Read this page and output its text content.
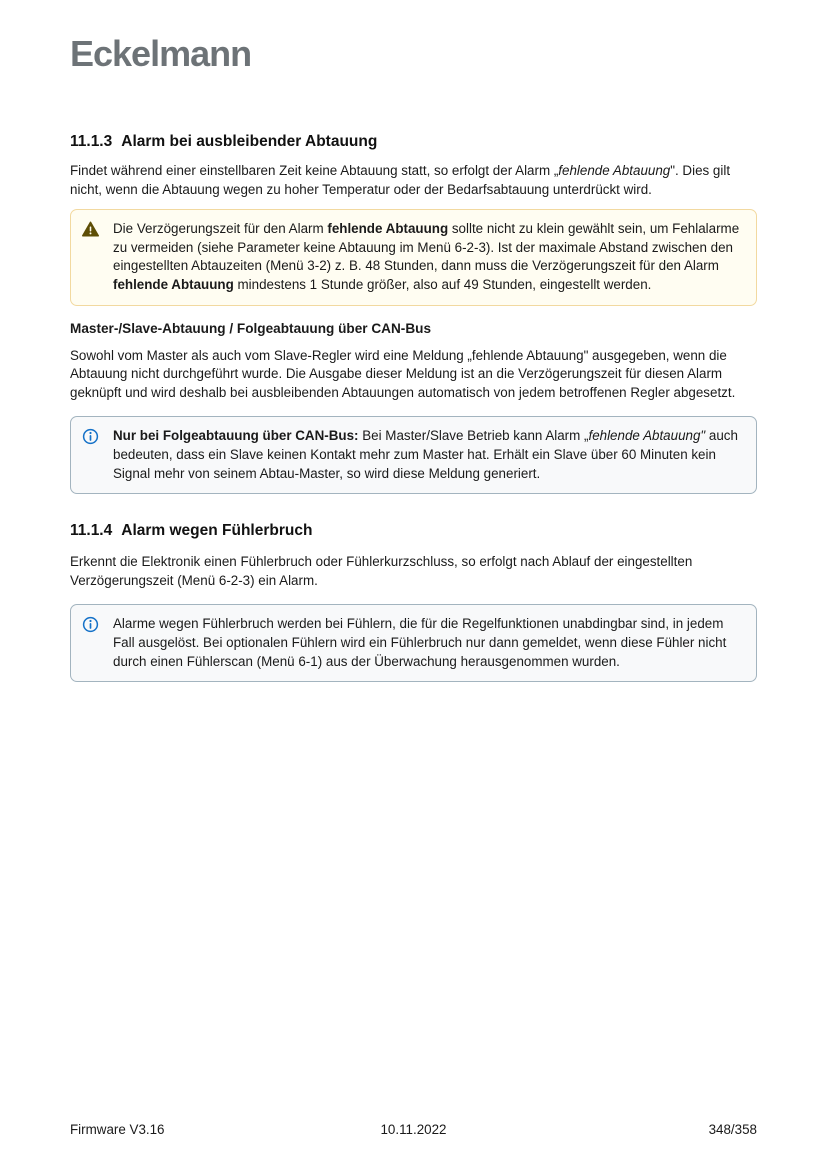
Eckelmann
11.1.3 Alarm bei ausbleibender Abtauung

Findet während einer einstellbaren Zeit keine Abtauung statt, so erfolgt der Alarm „fehlende Abtauung". Dies gilt nicht, wenn die Abtauung wegen zu hoher Temperatur oder der Bedarfsabtauung unterdrückt wird.

Die Verzögerungszeit für den Alarm fehlende Abtauung sollte nicht zu klein gewählt sein, um Fehlalarme zu vermeiden (siehe Parameter keine Abtauung im Menü 6-2-3). Ist der maximale Abstand zwischen den eingestellten Abtauzeiten (Menü 3-2) z. B. 48 Stunden, dann muss die Verzögerungszeit für den Alarm fehlende Abtauung mindestens 1 Stunde größer, also auf 49 Stunden, eingestellt werden.
Master-/Slave-Abtauung / Folgeabtauung über CAN-Bus

Sowohl vom Master als auch vom Slave-Regler wird eine Meldung „fehlende Abtauung" ausgegeben, wenn die Abtauung nicht durchgeführt wurde. Die Ausgabe dieser Meldung ist an die Verzögerungszeit für diesen Alarm geknüpft und wird deshalb bei ausbleibenden Abtauungen automatisch von jedem betroffenen Regler abgesetzt.

Nur bei Folgeabtauung über CAN-Bus: Bei Master/Slave Betrieb kann Alarm „fehlende Abtauung" auch bedeuten, dass ein Slave keinen Kontakt mehr zum Master hat. Erhält ein Slave über 60 Minuten kein Signal mehr von seinem Abtau-Master, so wird diese Meldung generiert.
11.1.4 Alarm wegen Fühlerbruch

Erkennt die Elektronik einen Fühlerbruch oder Fühlerkurzschluss, so erfolgt nach Ablauf der eingestellten Verzögerungszeit (Menü 6-2-3) ein Alarm.

Alarme wegen Fühlerbruch werden bei Fühlern, die für die Regelfunktionen unabdingbar sind, in jedem Fall ausgelöst. Bei optionalen Fühlern wird ein Fühlerbruch nur dann gemeldet, wenn diese Fühler nicht durch einen Fühlerscan (Menü 6-1) aus der Überwachung herausgenommen wurden.
Firmware V3.16	10.11.2022	348/358
